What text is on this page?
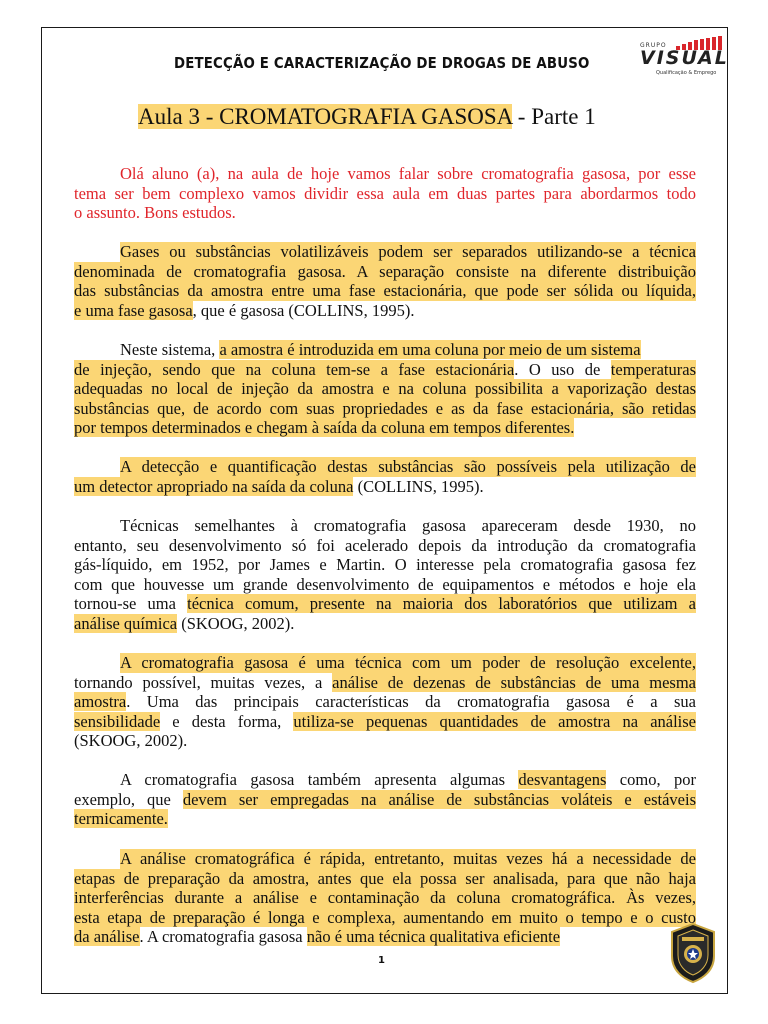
DETECÇÃO E CARACTERIZAÇÃO DE DROGAS DE ABUSO
GRUPO
VISUAL
Qualificação & Emprego
Aula 3 - CROMATOGRAFIA GASOSA - Parte 1
Olá aluno (a), na aula de hoje vamos falar sobre cromatografia gasosa, por esse
tema ser bem complexo vamos dividir essa aula em duas partes para abordarmos todo
o assunto. Bons estudos.
Gases ou substâncias volatilizáveis podem ser separados utilizando-se a técnica
denominada de cromatografia gasosa. A separação consiste na diferente distribuição
das substâncias da amostra entre uma fase estacionária, que pode ser sólida ou líquida,
e uma fase gasosa, que é gasosa (COLLINS, 1995).
Neste sistema, a amostra é introduzida em uma coluna por meio de um sistema
de injeção, sendo que na coluna tem-se a fase estacionária. O uso de temperaturas
adequadas no local de injeção da amostra e na coluna possibilita a vaporização destas
substâncias que, de acordo com suas propriedades e as da fase estacionária, são retidas
por tempos determinados e chegam à saída da coluna em tempos diferentes.
A detecção e quantificação destas substâncias são possíveis pela utilização de
um detector apropriado na saída da coluna (COLLINS, 1995).
Técnicas semelhantes à cromatografia gasosa apareceram desde 1930, no
entanto, seu desenvolvimento só foi acelerado depois da introdução da cromatografia
gás-líquido, em 1952, por James e Martin. O interesse pela cromatografia gasosa fez
com que houvesse um grande desenvolvimento de equipamentos e métodos e hoje ela
tornou-se uma técnica comum, presente na maioria dos laboratórios que utilizam a
análise química (SKOOG, 2002).
A cromatografia gasosa é uma técnica com um poder de resolução excelente,
tornando possível, muitas vezes, a análise de dezenas de substâncias de uma mesma
amostra. Uma das principais características da cromatografia gasosa é a sua
sensibilidade e desta forma, utiliza-se pequenas quantidades de amostra na análise
(SKOOG, 2002).
A cromatografia gasosa também apresenta algumas desvantagens como, por
exemplo, que devem ser empregadas na análise de substâncias voláteis e estáveis
termicamente.
A análise cromatográfica é rápida, entretanto, muitas vezes há a necessidade de
etapas de preparação da amostra, antes que ela possa ser analisada, para que não haja
interferências durante a análise e contaminação da coluna cromatográfica. Às vezes,
esta etapa de preparação é longa e complexa, aumentando em muito o tempo e o custo
da análise. A cromatografia gasosa não é uma técnica qualitativa eficiente
1
